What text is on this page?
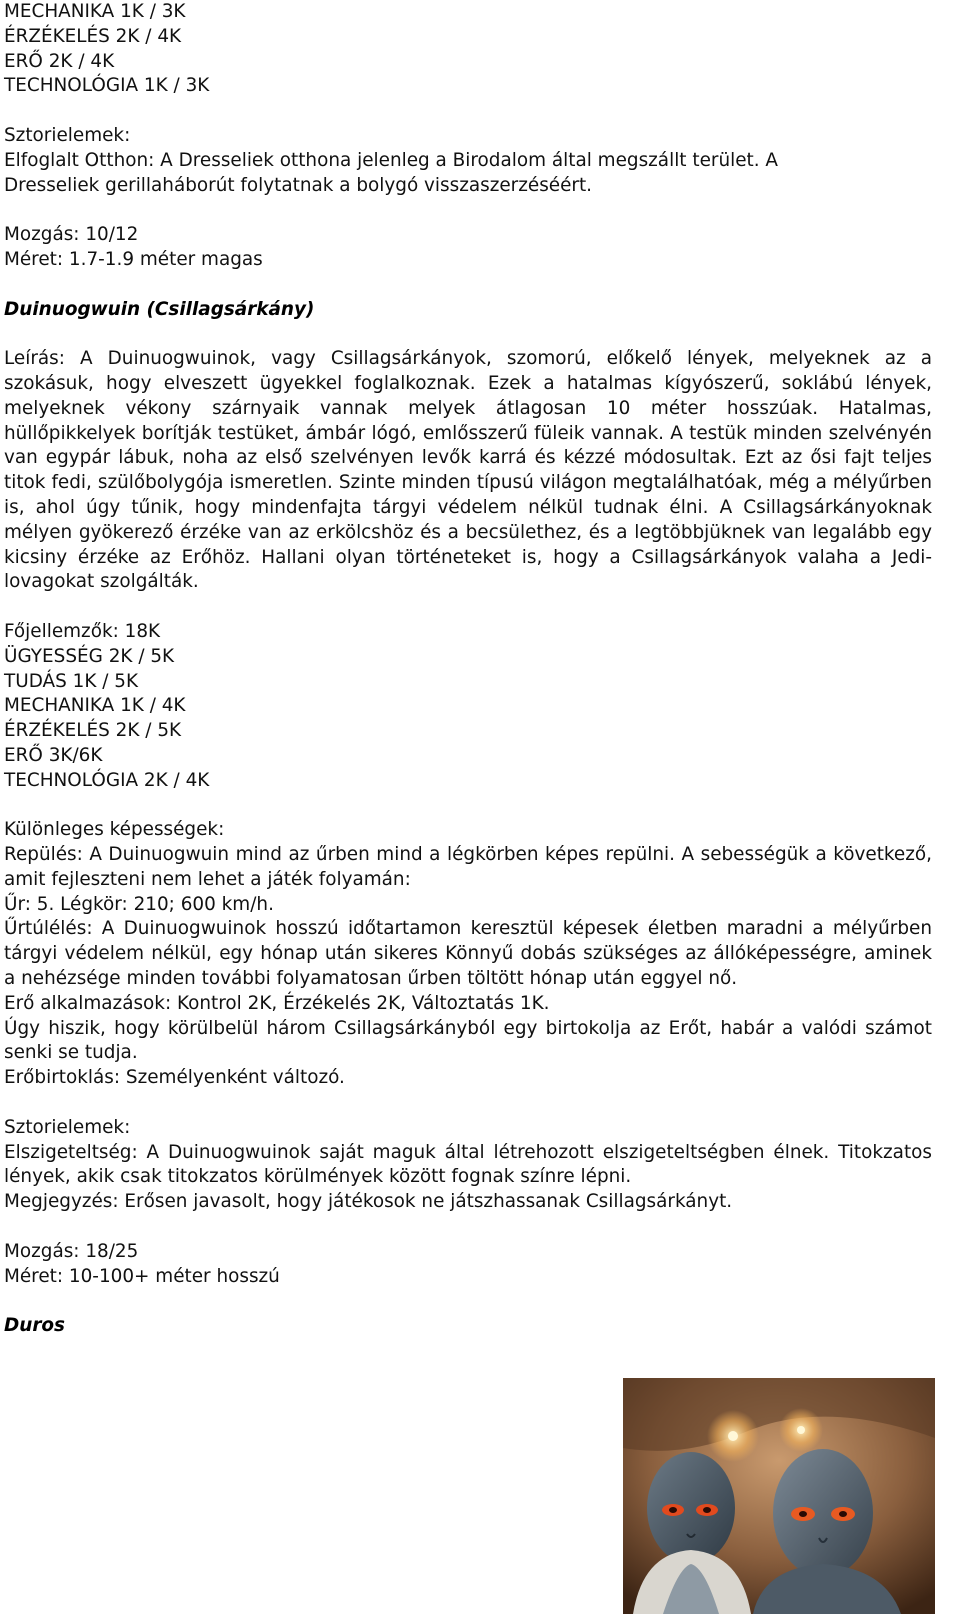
MECHANIKA 1K / 3K
ÉRZÉKELÉS 2K / 4K
ERŐ 2K / 4K
TECHNOLÓGIA 1K / 3K
Sztorielemek:
Elfoglalt Otthon: A Dresseliek otthona jelenleg a Birodalom által megszállt terület. A
Dresseliek gerillaháborút folytatnak a bolygó visszaszerzéséért.
Mozgás: 10/12
Méret: 1.7-1.9 méter magas
Duinuogwuin (Csillagsárkány)
Leírás: A Duinuogwuinok, vagy Csillagsárkányok, szomorú, előkelő lények, melyeknek az a szokásuk, hogy elveszett ügyekkel foglalkoznak. Ezek a hatalmas kígyószerű, soklábú lények, melyeknek vékony szárnyaik vannak melyek átlagosan 10 méter hosszúak. Hatalmas, hüllőpikkelyek borítják testüket, ámbár lógó, emlősszerű füleik vannak. A testük minden szelvényén van egypár lábuk, noha az első szelvényen levők karrá és kézzé módosultak. Ezt az ősi fajt teljes titok fedi, szülőbolygója ismeretlen. Szinte minden típusú világon megtalálhatóak, még a mélyűrben is, ahol úgy tűnik, hogy mindenfajta tárgyi védelem nélkül tudnak élni. A Csillagsárkányoknak mélyen gyökerező érzéke van az erkölcshöz és a becsülethez, és a legtöbbjüknek van legalább egy kicsiny érzéke az Erőhöz. Hallani olyan történeteket is, hogy a Csillagsárkányok valaha a Jedi-lovagokat szolgálták.
Főjellemzők: 18K
ÜGYESSÉG 2K / 5K
TUDÁS 1K / 5K
MECHANIKA 1K / 4K
ÉRZÉKELÉS 2K / 5K
ERŐ 3K/6K
TECHNOLÓGIA 2K / 4K
Különleges képességek:
Repülés: A Duinuogwuin mind az űrben mind a légkörben képes repülni. A sebességük a következő, amit fejleszteni nem lehet a játék folyamán:
Űr: 5. Légkör: 210; 600 km/h.
Űrtúlélés: A Duinuogwuinok hosszú időtartamon keresztül képesek életben maradni a mélyűrben tárgyi védelem nélkül, egy hónap után sikeres Könnyű dobás szükséges az állóképességre, aminek a nehézsége minden további folyamatosan űrben töltött hónap után eggyel nő.
Erő alkalmazások: Kontrol 2K, Érzékelés 2K, Változtatás 1K.
Úgy hiszik, hogy körülbelül három Csillagsárkányból egy birtokolja az Erőt, habár a valódi számot senki se tudja.
Erőbirtoklás: Személyenként változó.
Sztorielemek:
Elszigeteltség: A Duinuogwuinok saját maguk által létrehozott elszigeteltségben élnek. Titokzatos lények, akik csak titokzatos körülmények között fognak színre lépni.
Megjegyzés: Erősen javasolt, hogy játékosok ne játszhassanak Csillagsárkányt.
Mozgás: 18/25
Méret: 10-100+ méter hosszú
Duros
